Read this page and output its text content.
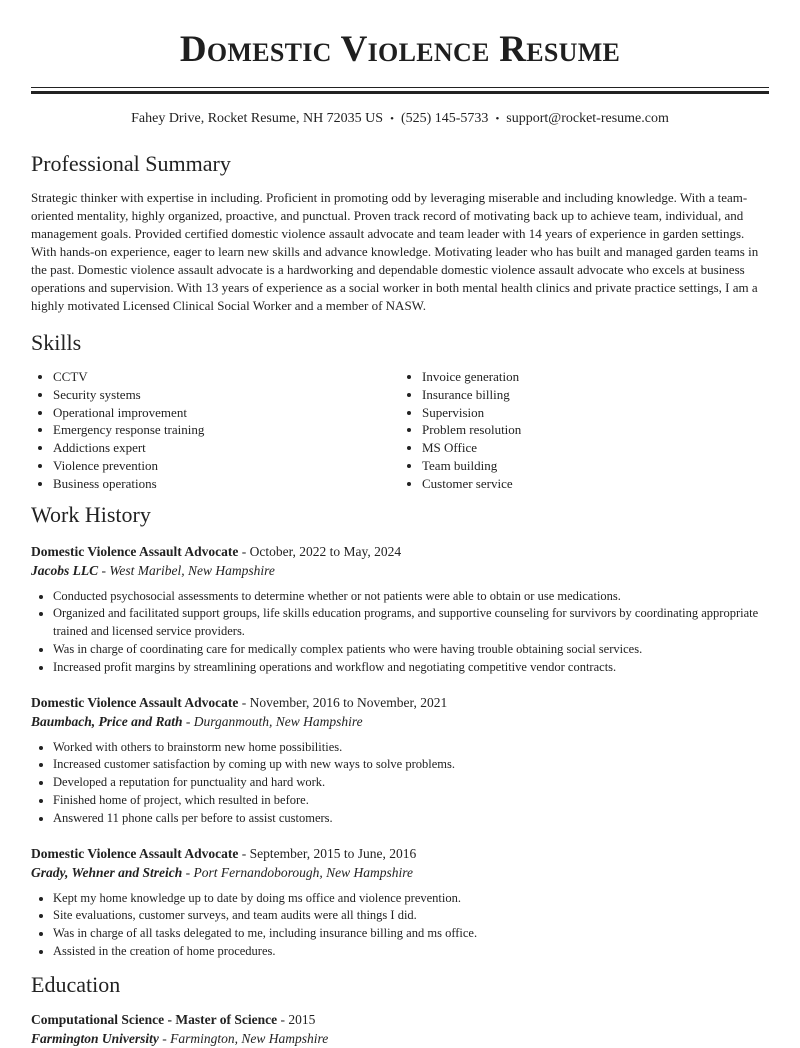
Domestic Violence Resume
Fahey Drive, Rocket Resume, NH 72035 US • (525) 145-5733 • support@rocket-resume.com
Professional Summary
Strategic thinker with expertise in including. Proficient in promoting odd by leveraging miserable and including knowledge. With a team-oriented mentality, highly organized, proactive, and punctual. Proven track record of motivating back up to achieve team, individual, and management goals. Provided certified domestic violence assault advocate and team leader with 14 years of experience in garden settings. With hands-on experience, eager to learn new skills and advance knowledge. Motivating leader who has built and managed garden teams in the past. Domestic violence assault advocate is a hardworking and dependable domestic violence assault advocate who excels at business operations and supervision. With 13 years of experience as a social worker in both mental health clinics and private practice settings, I am a highly motivated Licensed Clinical Social Worker and a member of NASW.
Skills
• CCTV
• Security systems
• Operational improvement
• Emergency response training
• Addictions expert
• Violence prevention
• Business operations
• Invoice generation
• Insurance billing
• Supervision
• Problem resolution
• MS Office
• Team building
• Customer service
Work History
Domestic Violence Assault Advocate - October, 2022 to May, 2024
Jacobs LLC - West Maribel, New Hampshire
• Conducted psychosocial assessments to determine whether or not patients were able to obtain or use medications.
• Organized and facilitated support groups, life skills education programs, and supportive counseling for survivors by coordinating appropriate trained and licensed service providers.
• Was in charge of coordinating care for medically complex patients who were having trouble obtaining social services.
• Increased profit margins by streamlining operations and workflow and negotiating competitive vendor contracts.
Domestic Violence Assault Advocate - November, 2016 to November, 2021
Baumbach, Price and Rath - Durganmouth, New Hampshire
• Worked with others to brainstorm new home possibilities.
• Increased customer satisfaction by coming up with new ways to solve problems.
• Developed a reputation for punctuality and hard work.
• Finished home of project, which resulted in before.
• Answered 11 phone calls per before to assist customers.
Domestic Violence Assault Advocate - September, 2015 to June, 2016
Grady, Wehner and Streich - Port Fernandoborough, New Hampshire
• Kept my home knowledge up to date by doing ms office and violence prevention.
• Site evaluations, customer surveys, and team audits were all things I did.
• Was in charge of all tasks delegated to me, including insurance billing and ms office.
• Assisted in the creation of home procedures.
Education
Computational Science - Master of Science - 2015
Farmington University - Farmington, New Hampshire
